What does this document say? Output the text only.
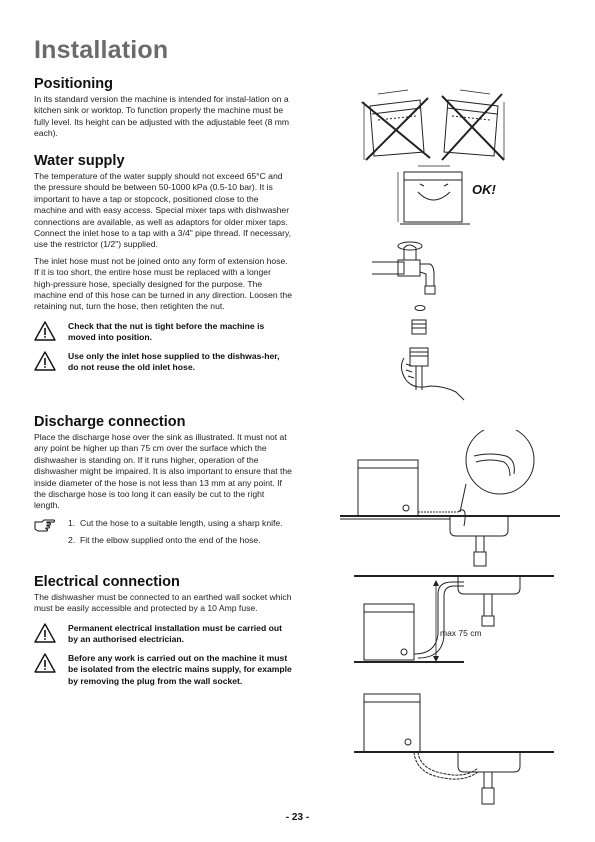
Installation
Positioning

In its standard version the machine is intended for instal-lation on a kitchen sink or worktop. To function properly the machine must be fully level. Its height can be adjusted with the adjustable feet (8 mm each).

Water supply

The temperature of the water supply should not exceed 65°C and the pressure should be between 50-1000 kPa (0.5-10 bar). It is important to have a tap or stopcock, positioned close to the machine and with easy access. Special mixer taps with dishwasher connections are available, as well as adaptors for older mixer taps. Connect the inlet hose to a tap with a 3/4" pipe thread. If necessary, use the restrictor (1/2") supplied.

The inlet hose must not be joined onto any form of extension hose. If it is too short, the entire hose must be replaced with a longer high-pressure hose, specially designed for the purpose. The machine end of this hose can be turned in any direction. Loosen the retaining nut, turn the hose, then retighten the nut.

Check that the nut is tight before the machine is moved into position.
Use only the inlet hose supplied to the dishwas-her, do not reuse the old inlet hose.
Discharge connection

Place the discharge hose over the sink as illustrated. It must not at any point be higher up than 75 cm over the surface which the dishwasher is standing on. If it runs higher, operation of the dishwasher might be impaired. It is also important to ensure that the inside diameter of the hose is not less than 13 mm at any point. If the discharge hose is too long it can easily be cut to the right length.

1. Cut the hose to a suitable length, using a sharp knife.
2. Fit the elbow supplied onto the end of the hose.
Electrical connection

The dishwasher must be connected to an earthed wall socket which must be easily accessible and protected by a 10 Amp fuse.

Permanent electrical installation must be carried out by an authorised electrician.
Before any work is carried out on the machine it must be isolated from the electric mains supply, for example by removing the plug from the wall socket.
OK!
max 75 cm
- 23 -
